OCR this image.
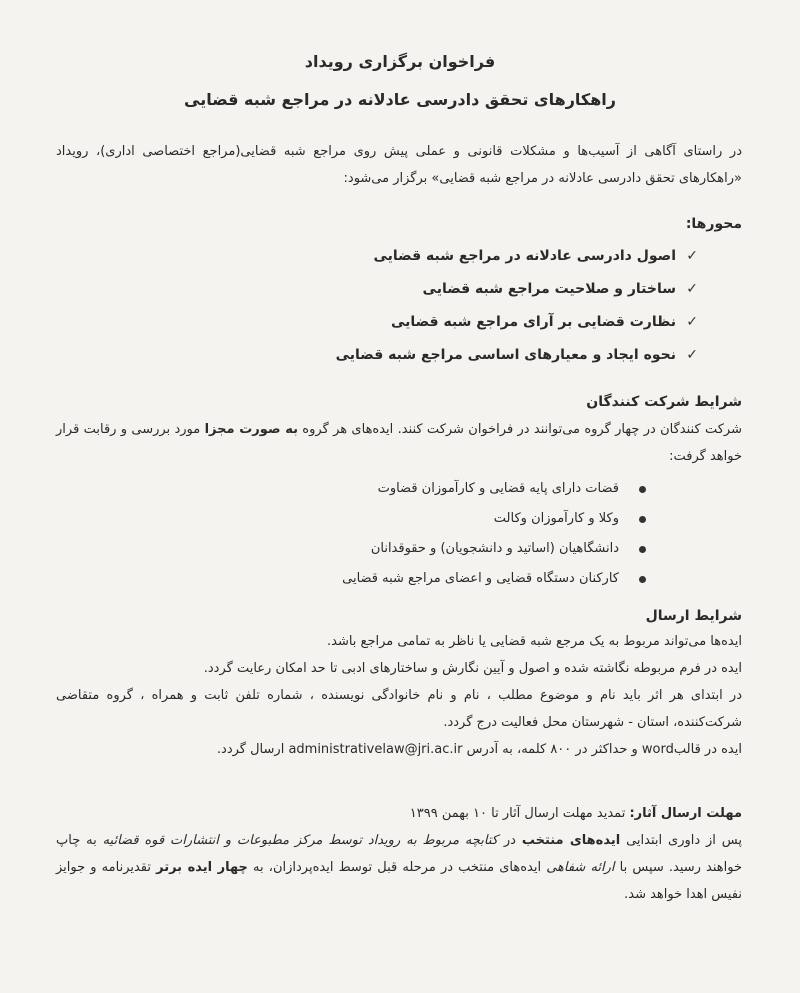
فراخوان برگزاری رویداد
راهکارهای تحقق دادرسی عادلانه در مراجع شبه قضایی

در راستای آگاهی از آسیب‌ها و مشکلات قانونی و عملی پیش روی مراجع شبه قضایی(مراجع اختصاصی اداری)، رویداد «راهکارهای تحقق دادرسی عادلانه در مراجع شبه قضایی» برگزار می‌شود:

محورها:

✓
اصول دادرسی عادلانه در مراجع شبه قضایی
✓
ساختار و صلاحیت مراجع شبه قضایی
✓
نظارت قضایی بر آرای مراجع شبه قضایی
✓
نحوه ایجاد و معیارهای اساسی مراجع شبه قضایی

شرایط شرکت کنندگان

شرکت کنندگان در چهار گروه می‌توانند در فراخوان شرکت کنند. ایده‌های هر گروه به صورت مجزا مورد بررسی و رقابت قرار خواهد گرفت:

قضات دارای پایه قضایی و کارآموزان قضاوت
وکلا و کارآموزان وکالت
دانشگاهیان (اساتید و دانشجویان) و حقوقدانان
کارکنان دستگاه قضایی و اعضای مراجع شبه قضایی

شرایط ارسال

ایده‌ها می‌تواند مربوط به یک مرجع شبه قضایی یا ناظر به تمامی مراجع باشد.

ایده در فرم مربوطه نگاشته شده و اصول و آیین نگارش و ساختارهای ادبی تا حد امکان رعایت گردد.

در ابتدای هر اثر باید نام و موضوع مطلب ، نام و نام خانوادگی نویسنده ، شماره تلفن ثابت و همراه ، گروه متقاضی شرکت‌کننده، استان - شهرستان محل فعالیت درج گردد.

ایده در قالبword و حداکثر در ۸۰۰ کلمه، به آدرس administrativelaw@jri.ac.ir ارسال گردد.

مهلت ارسال آثار: تمدید مهلت ارسال آثار تا ۱۰ بهمن ۱۳۹۹

پس از داوری ابتدایی ایده‌های منتخب در کتابچه مربوط به رویداد توسط مرکز مطبوعات و انتشارات قوه قضائیه به چاپ خواهند رسید. سپس با ارائه شفاهی ایده‌های منتخب در مرحله قبل توسط ایده‌پردازان، به چهار ایده برتر تقدیرنامه و جوایز نفیس اهدا خواهد شد.
